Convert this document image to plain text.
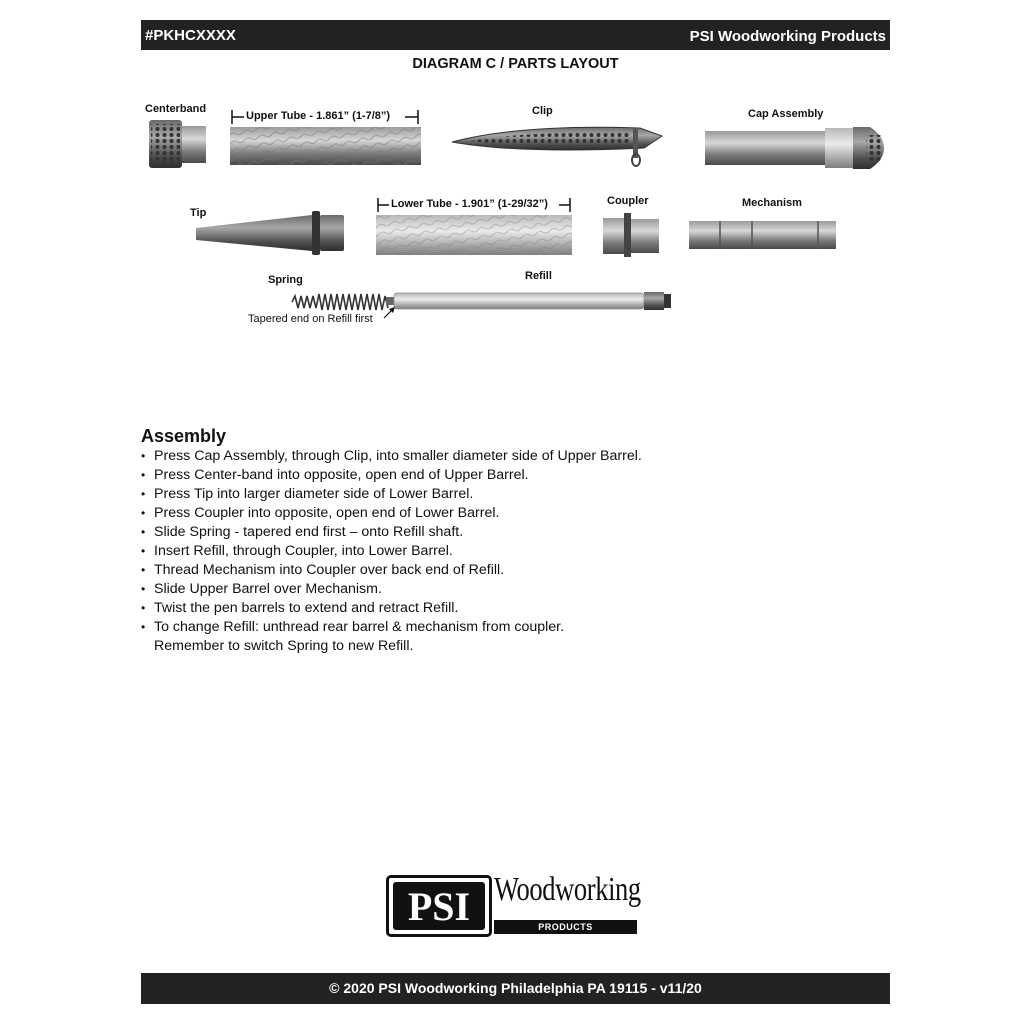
#PKHCXXXX	PSI Woodworking Products
DIAGRAM C / PARTS LAYOUT
Centerband
Upper Tube - 1.861” (1-7/8”)	Clip	Cap Assembly
Tip
Lower Tube - 1.901” (1-29/32”)	Coupler	Mechanism
Spring	Refill
Tapered end on Refill first
Assembly
• Press Cap Assembly, through Clip, into smaller diameter side of Upper Barrel.
• Press Center-band into opposite, open end of Upper Barrel.
• Press Tip into larger diameter side of Lower Barrel.
• Press Coupler into opposite, open end of Lower Barrel.
• Slide Spring - tapered end first – onto Refill shaft.
• Insert Refill, through Coupler, into Lower Barrel.
• Thread Mechanism into Coupler over back end of Refill.
• Slide Upper Barrel over Mechanism.
• Twist the pen barrels to extend and retract Refill.
• To change Refill: unthread rear barrel & mechanism from coupler.
Remember to switch Spring to new Refill.
PSI Woodworking
PRODUCTS
© 2020 PSI Woodworking Philadelphia PA 19115 - v11/20
